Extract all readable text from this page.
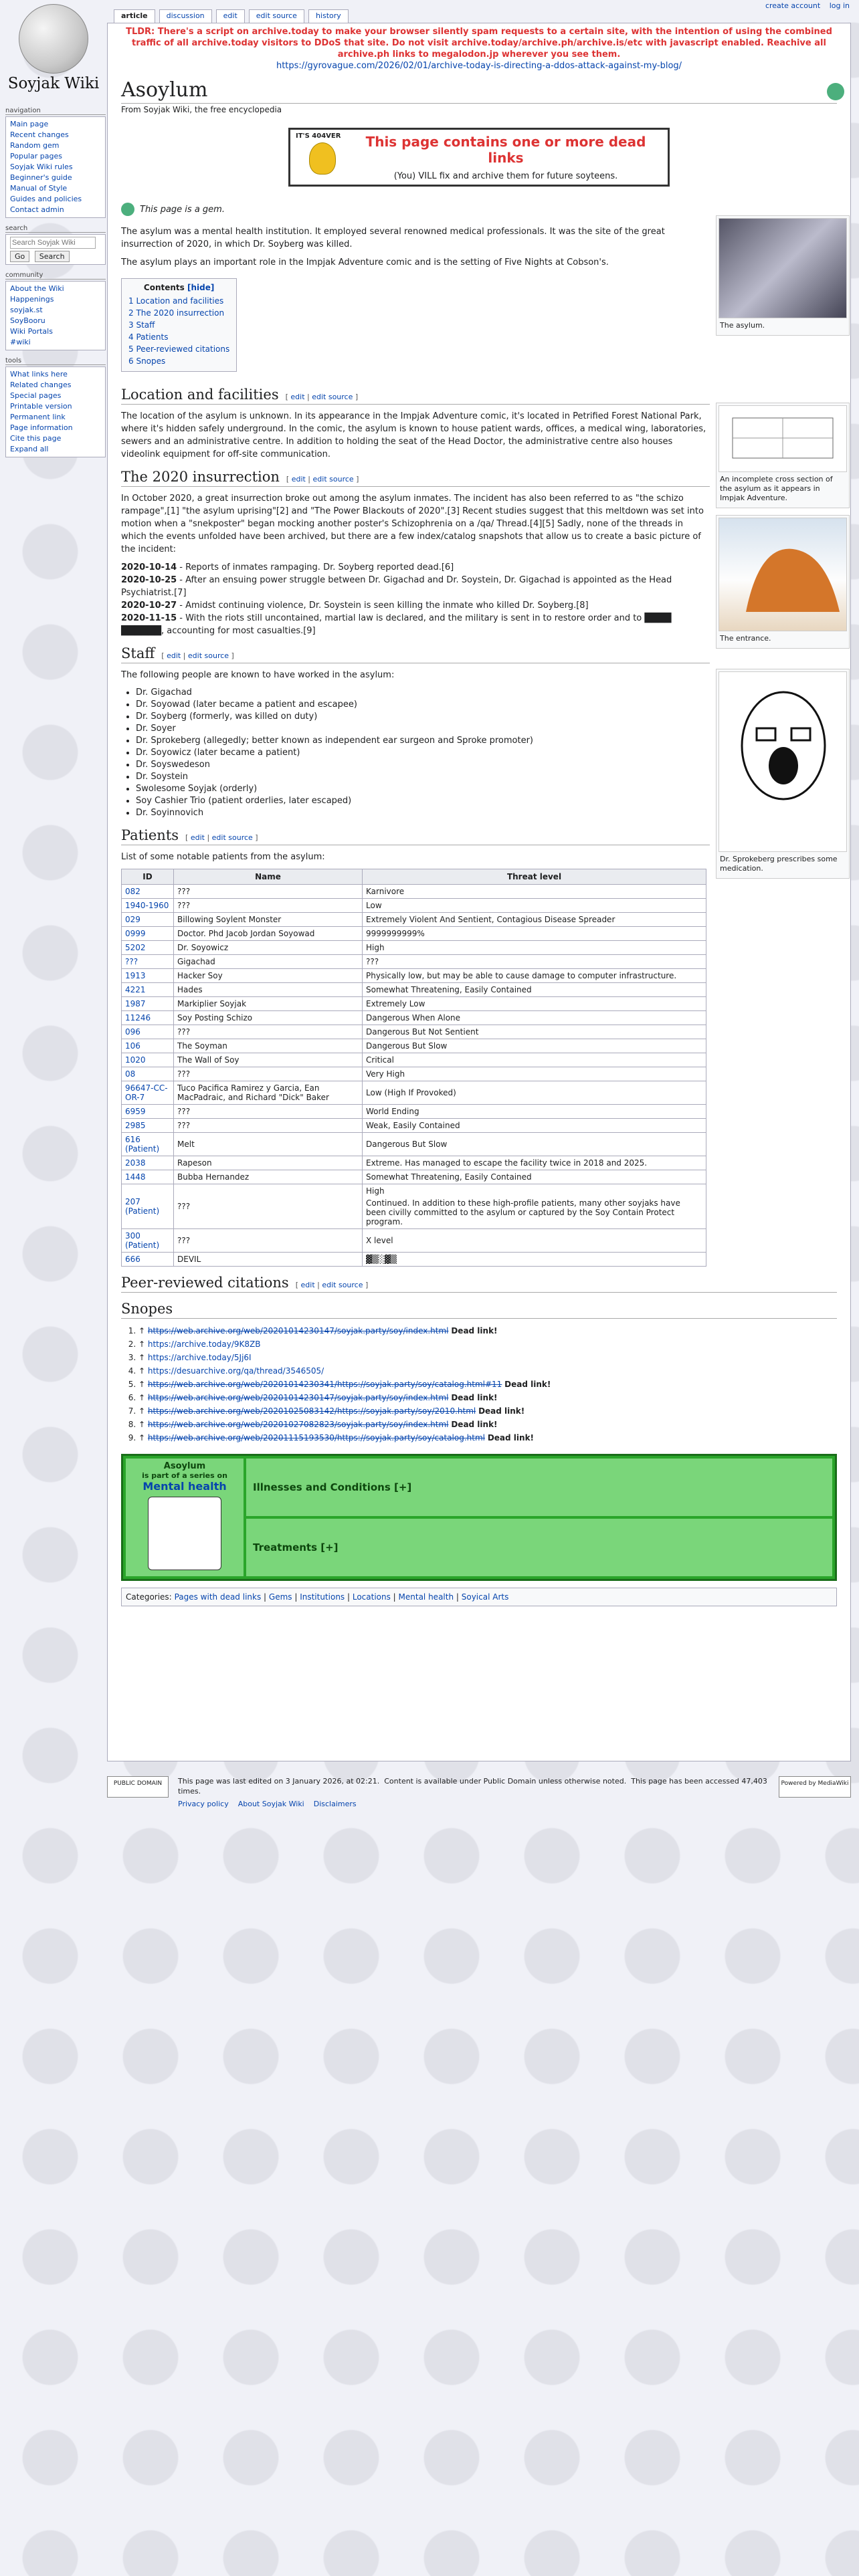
create account log in
article	discussion	edit	edit source	history
Soyjak Wiki
navigation
Main page
Recent changes
Random gem
Popular pages
Soyjak Wiki rules
Beginner's guide
Manual of Style
Guides and policies
Contact admin
search
Search Soyjak Wiki Go Search
community
About the Wiki
Happenings
soyjak.st
SoyBooru
Wiki Portals
#wiki
tools
What links here
Related changes
Special pages
Printable version
Permanent link
Page information
Cite this page
Expand all
TLDR: There's a script on archive.today to make your browser silently spam requests to a certain site, with the intention of using the combined traffic of all archive.today visitors to DDoS that site. Do not visit archive.today/archive.ph/archive.is/etc with javascript enabled. Reachive all archive.ph links to megalodon.jp wherever you see them.
https://gyrovague.com/2026/02/01/archive-today-is-directing-a-ddos-attack-against-my-blog/
Asoylum
From Soyjak Wiki, the free encyclopedia
IT'S 404VER	This page contains one or more dead links
(You) VILL fix and archive them for future soyteens.
This page is a gem.

The asylum was a mental health institution. It employed several renowned medical professionals. It was the site of the great insurrection of 2020, in which Dr. Soyberg was killed.

The asylum plays an important role in the Impjak Adventure comic and is the setting of Five Nights at Cobson's.

Contents [hide]
1 Location and facilities
2 The 2020 insurrection
3 Staff
4 Patients
5 Peer-reviewed citations
6 Snopes
Location and facilities [ edit | edit source ]

The location of the asylum is unknown. In its appearance in the Impjak Adventure comic, it's located in Petrified Forest National Park, where it's hidden safely underground. In the comic, the asylum is known to house patient wards, offices, a medical wing, laboratories, sewers and an administrative centre. In addition to holding the seat of the Head Doctor, the administrative centre also houses videolink equipment for off-site communication.

The 2020 insurrection [ edit | edit source ]

In October 2020, a great insurrection broke out among the asylum inmates. The incident has also been referred to as "the schizo rampage",[1] "the asylum uprising"[2] and "The Power Blackouts of 2020".[3] Recent studies suggest that this meltdown was set into motion when a "snekposter" began mocking another poster's Schizophrenia on a /qa/ Thread.[4][5] Sadly, none of the threads in which the events unfolded have been archived, but there are a few index/catalog snapshots that allow us to create a basic picture of the incident:

2020-10-14 - Reports of inmates rampaging. Dr. Soyberg reported dead.[6]
2020-10-25 - After an ensuing power struggle between Dr. Gigachad and Dr. Soystein, Dr. Gigachad is appointed as the Head Psychiatrist.[7]
2020-10-27 - Amidst continuing violence, Dr. Soystein is seen killing the inmate who killed Dr. Soyberg.[8]
2020-11-15 - With the riots still uncontained, martial law is declared, and the military is sent in to restore order and to ████ ██████, accounting for most casualties.[9]
Staff [ edit | edit source ]

The following people are known to have worked in the asylum:

• Dr. Gigachad
• Dr. Soyowad (later became a patient and escapee)
• Dr. Soyberg (formerly, was killed on duty)
• Dr. Soyer
• Dr. Sprokeberg (allegedly; better known as independent ear surgeon and Sproke promoter)
• Dr. Soyowicz (later became a patient)
• Dr. Soyswedeson
• Dr. Soystein
• Swolesome Soyjak (orderly)
• Soy Cashier Trio (patient orderlies, later escaped)
• Dr. Soyinnovich
Patients [ edit | edit source ]

List of some notable patients from the asylum:

ID	Name	Threat level
082	???	Karnivore
1940-1960	???	Low
029	Billowing Soylent Monster	Extremely Violent And Sentient, Contagious Disease Spreader
0999	Doctor. Phd Jacob Jordan Soyowad	9999999999%
5202	Dr. Soyowicz	High
???	Gigachad	???
1913	Hacker Soy	Physically low, but may be able to cause damage to computer infrastructure.
4221	Hades	Somewhat Threatening, Easily Contained
1987	Markiplier Soyjak	Extremely Low
11246	Soy Posting Schizo	Dangerous When Alone
096	???	Dangerous But Not Sentient
106	The Soyman	Dangerous But Slow
1020	The Wall of Soy	Critical
08	???	Very High
96647-CC-OR-7	Tuco Pacifica Ramirez y Garcia, Ean MacPadraic, and Richard "Dick" Baker	Low (High If Provoked)
6959	???	World Ending
2985	???	Weak, Easily Contained
616 (Patient)	Melt	Dangerous But Slow
2038	Rapeson	Extreme. Has managed to escape the facility twice in 2018 and 2025.
1448	Bubba Hernandez	Somewhat Threatening, Easily Contained
207 (Patient)	???	High

Continued. In addition to these high-profile patients, many other soyjaks have been civilly committed to the asylum or captured by the Soy Contain Protect program.

300 (Patient)	???	X level
666	DEVIL	▓▒░▓▒
Peer-reviewed citations [ edit | edit source ]
Snopes
1. ↑ https://web.archive.org/web/20201014230147/soyjak.party/soy/index.html Dead link!
2. ↑ https://archive.today/9K8ZB
3. ↑ https://archive.today/5Jj6I
4. ↑ https://desuarchive.org/qa/thread/3546505/
5. ↑ https://web.archive.org/web/20201014230341/https://soyjak.party/soy/catalog.html#11 Dead link!
6. ↑ https://web.archive.org/web/20201014230147/soyjak.party/soy/index.html Dead link!
7. ↑ https://web.archive.org/web/20201025083142/https://soyjak.party/soy/2010.html Dead link!
8. ↑ https://web.archive.org/web/20201027082823/soyjak.party/soy/index.html Dead link!
9. ↑ https://web.archive.org/web/20201115193530/https://soyjak.party/soy/catalog.html Dead link!
Asoylum
is part of a series on
Mental health	Illnesses and Conditions [+]
Treatments [+]
Categories: Pages with dead links | Gems | Institutions | Locations | Mental health | Soyical Arts
The asylum.
An incomplete cross section of the asylum as it appears in Impjak Adventure.
The entrance.
Dr. Sprokeberg prescribes some medication.
PUBLIC DOMAIN	This page was last edited on 3 January 2026, at 02:21. Content is available under Public Domain unless otherwise noted. This page has been accessed 47,403 times.
Privacy policy About Soyjak Wiki Disclaimers
Powered by MediaWiki
